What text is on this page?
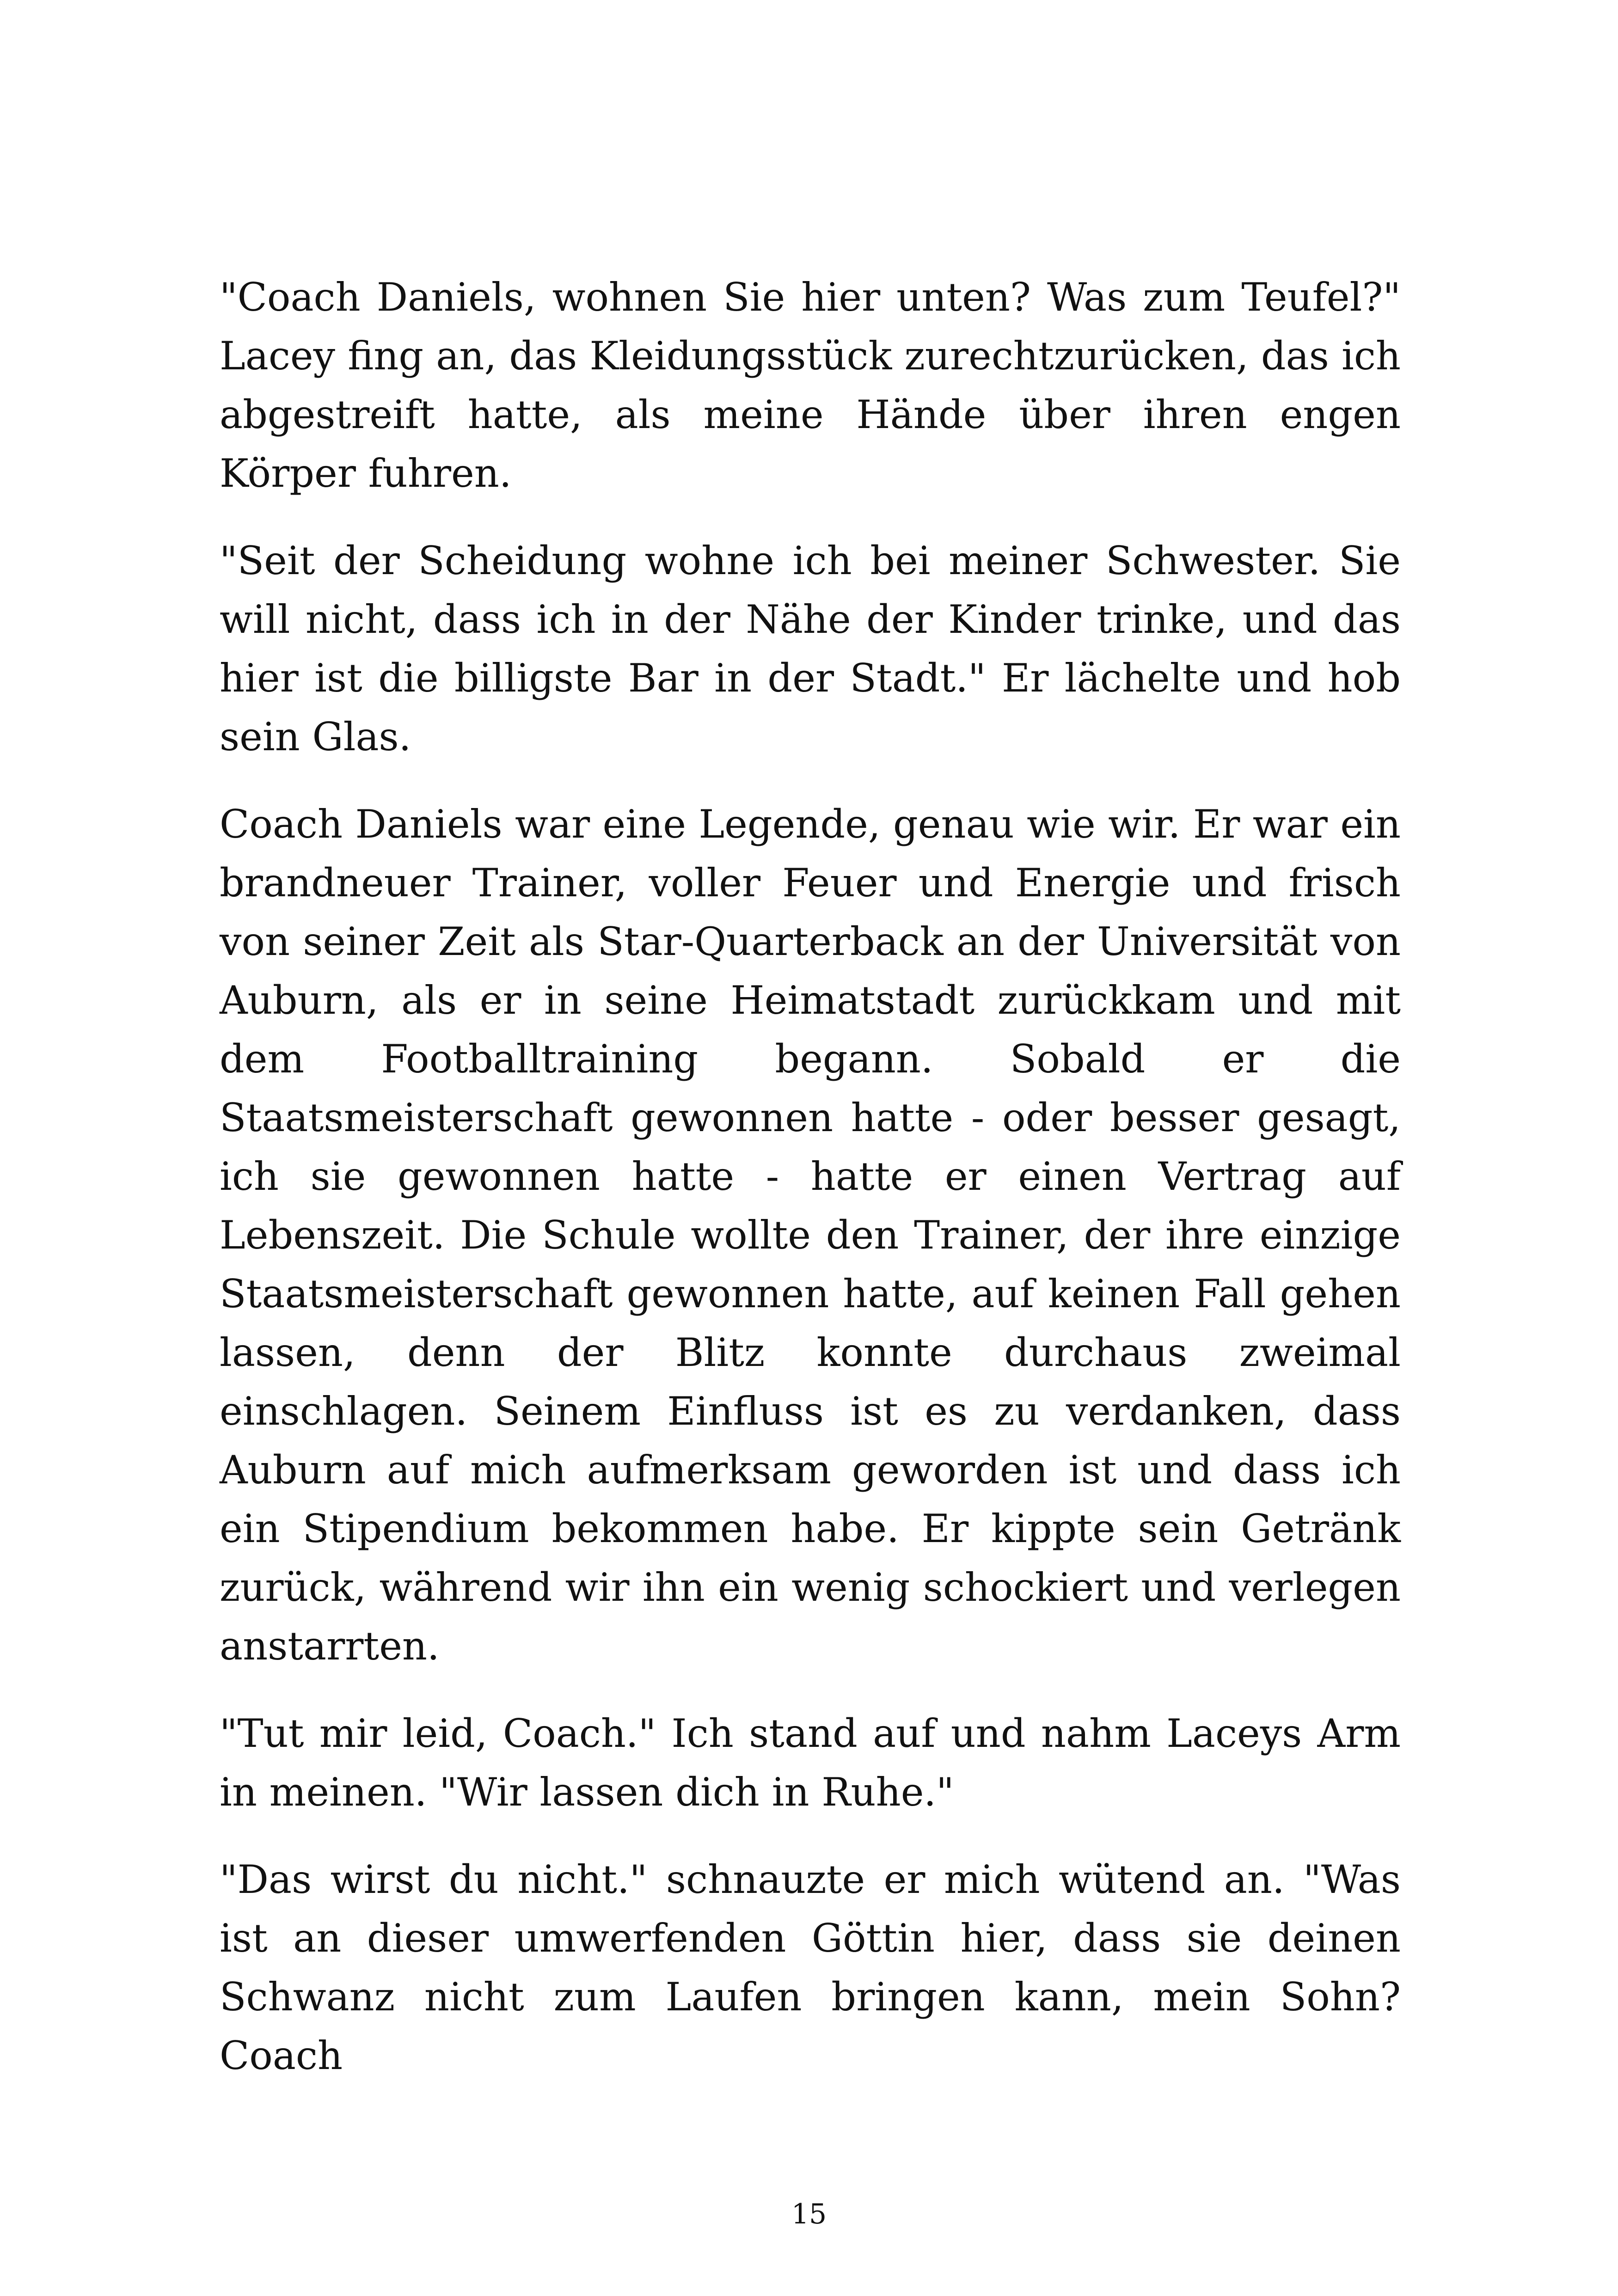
"Coach Daniels, wohnen Sie hier unten? Was zum Teufel?" Lacey fing an, das Kleidungsstück zurechtzurücken, das ich abgestreift hatte, als meine Hände über ihren engen Körper fuhren.

"Seit der Scheidung wohne ich bei meiner Schwester. Sie will nicht, dass ich in der Nähe der Kinder trinke, und das hier ist die billigste Bar in der Stadt." Er lächelte und hob sein Glas.

Coach Daniels war eine Legende, genau wie wir. Er war ein brandneuer Trainer, voller Feuer und Energie und frisch von seiner Zeit als Star-Quarterback an der Universität von Auburn, als er in seine Heimatstadt zurückkam und mit dem Footballtraining begann. Sobald er die Staatsmeisterschaft gewonnen hatte - oder besser gesagt, ich sie gewonnen hatte - hatte er einen Vertrag auf Lebenszeit. Die Schule wollte den Trainer, der ihre einzige Staatsmeisterschaft gewonnen hatte, auf keinen Fall gehen lassen, denn der Blitz konnte durchaus zweimal einschlagen. Seinem Einfluss ist es zu verdanken, dass Auburn auf mich aufmerksam geworden ist und dass ich ein Stipendium bekommen habe. Er kippte sein Getränk zurück, während wir ihn ein wenig schockiert und verlegen anstarrten.

"Tut mir leid, Coach." Ich stand auf und nahm Laceys Arm in meinen. "Wir lassen dich in Ruhe."

"Das wirst du nicht." schnauzte er mich wütend an. "Was ist an dieser umwerfenden Göttin hier, dass sie deinen Schwanz nicht zum Laufen bringen kann, mein Sohn? Coach

15
